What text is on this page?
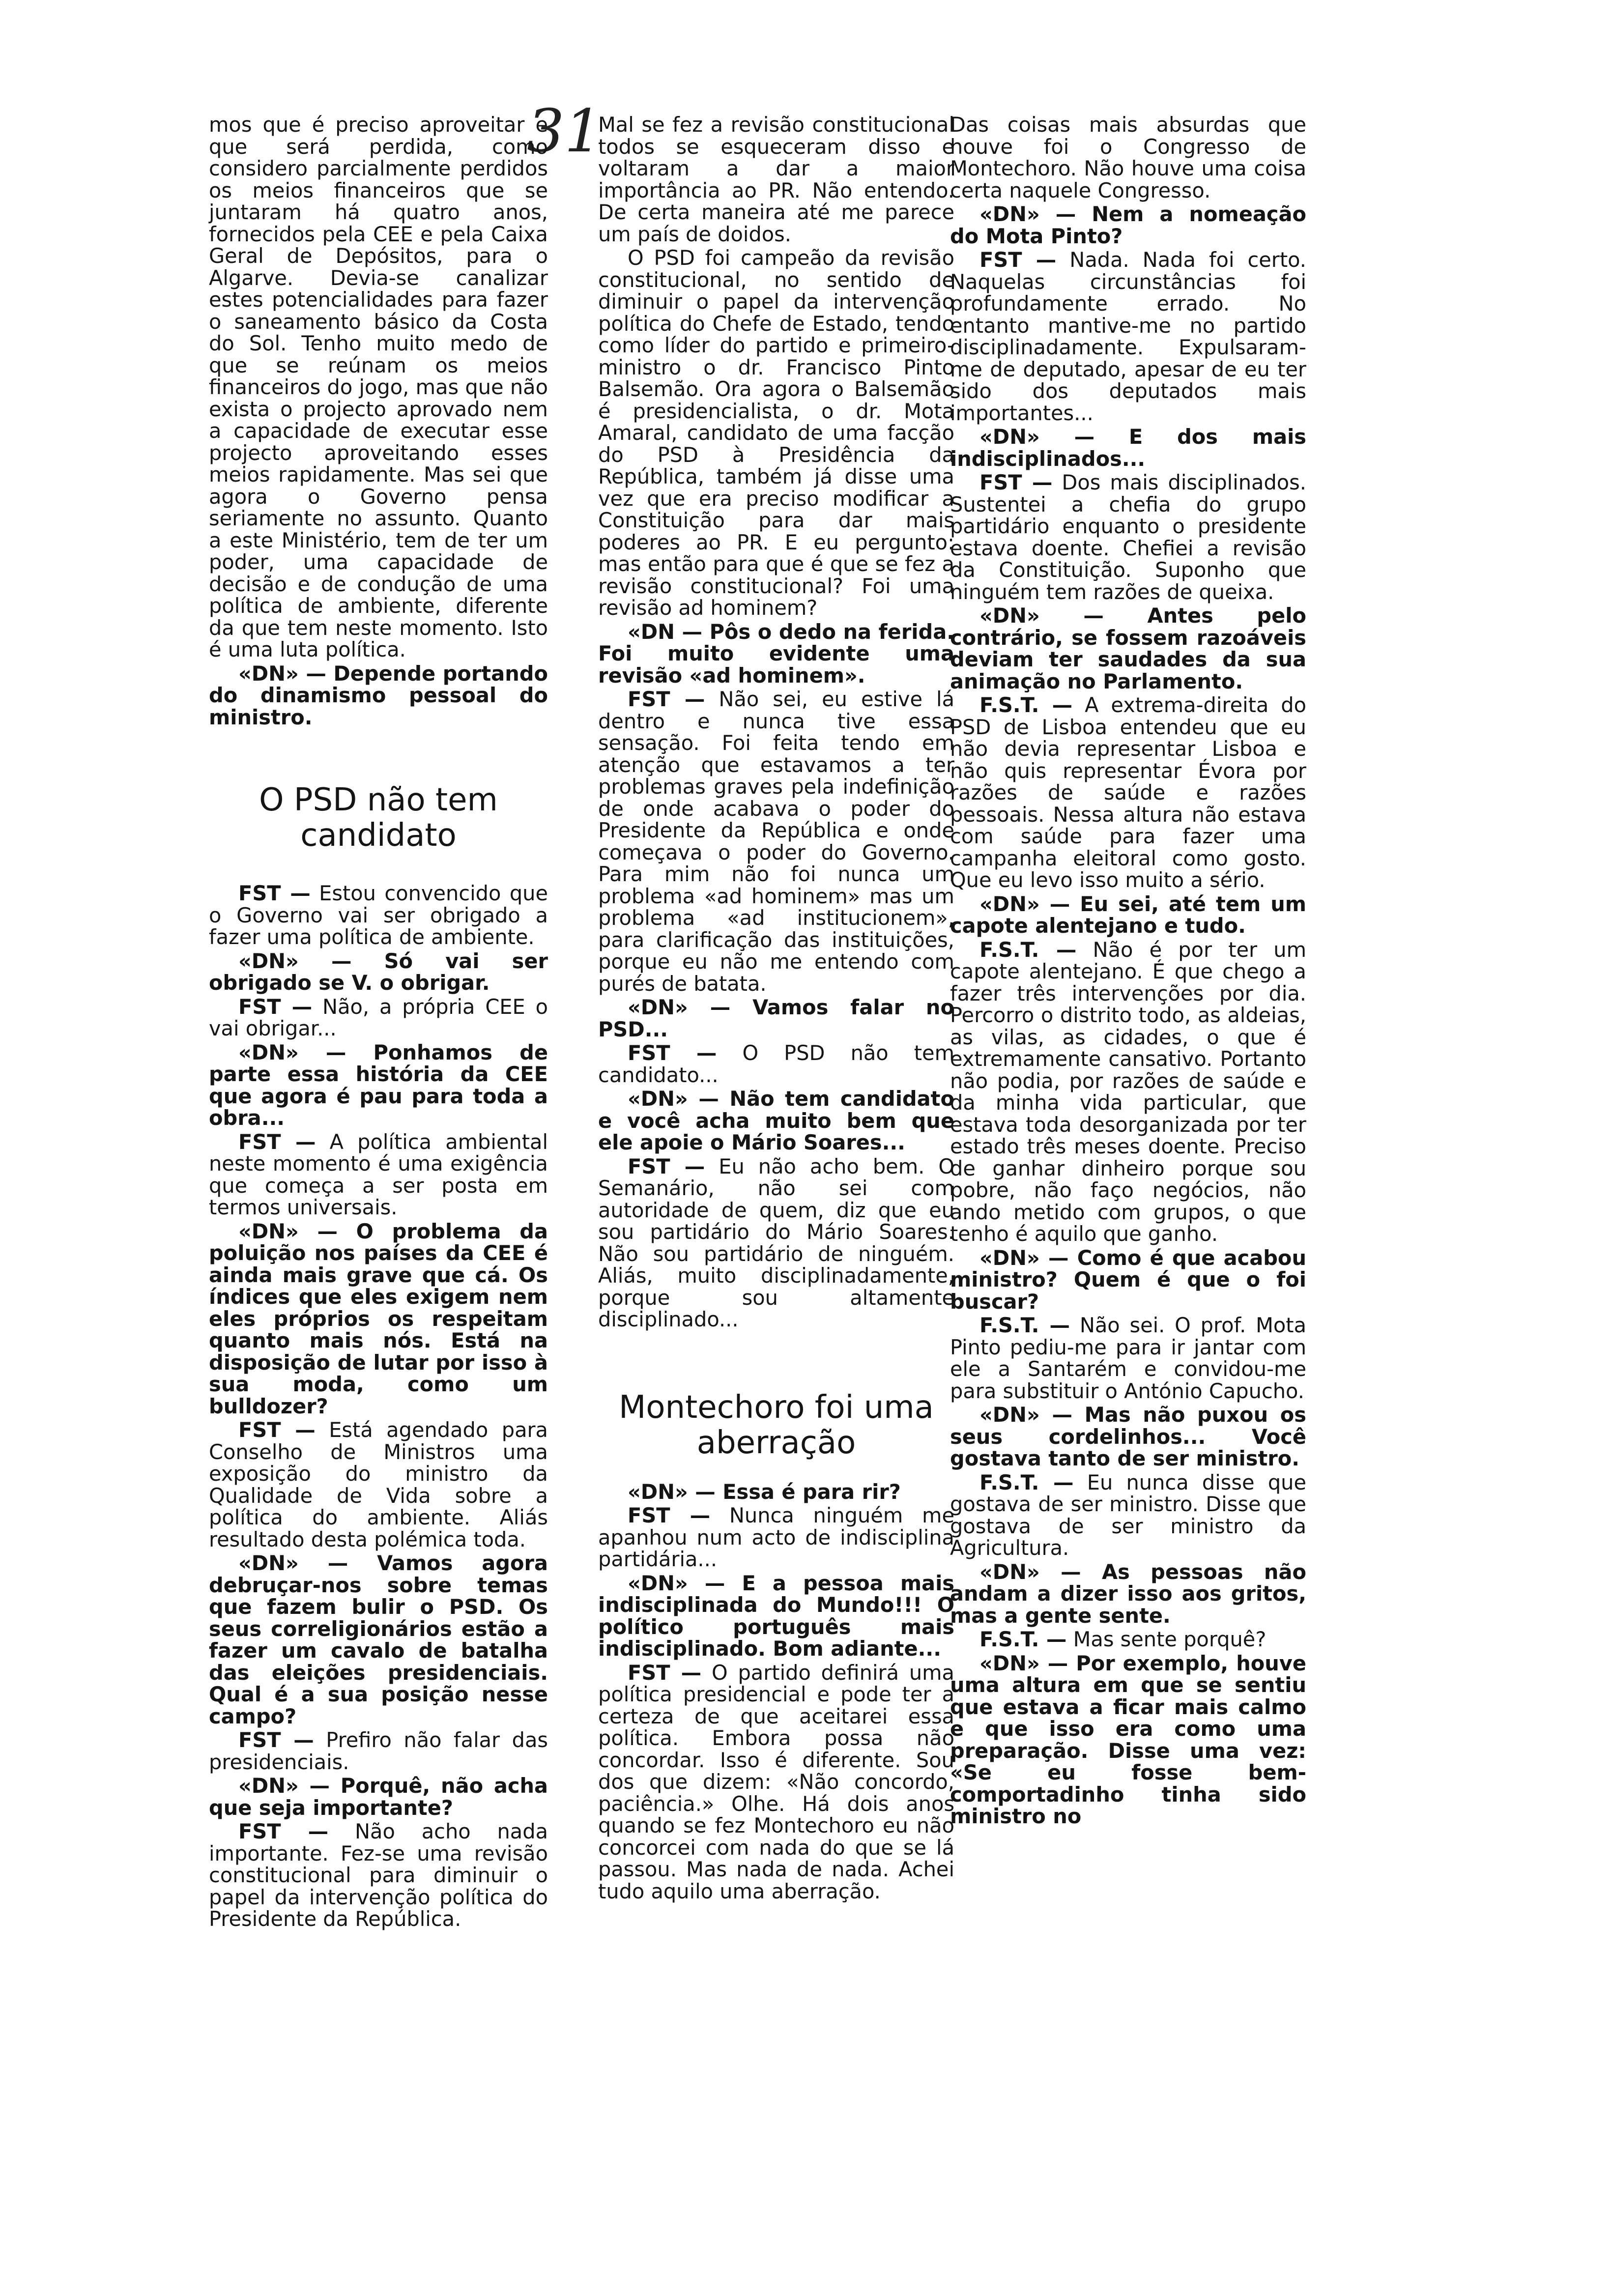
31

mos que é preciso aproveitar e que será perdida, como considero parcialmente perdidos os meios financeiros que se juntaram há quatro anos, fornecidos pela CEE e pela Caixa Geral de Depósitos, para o Algarve. Devia-se canalizar estes potencialidades para fazer o saneamento básico da Costa do Sol. Tenho muito medo de que se reúnam os meios financeiros do jogo, mas que não exista o projecto aprovado nem a capacidade de executar esse projecto aproveitando esses meios rapidamente. Mas sei que agora o Governo pensa seriamente no assunto. Quanto a este Ministério, tem de ter um poder, uma capacidade de decisão e de condução de uma política de ambiente, diferente da que tem neste momento. Isto é uma luta política.

«DN» — Depende portando do dinamismo pessoal do ministro.

O PSD não tem candidato

FST — Estou convencido que o Governo vai ser obrigado a fazer uma política de ambiente.

«DN» — Só vai ser obrigado se V. o obrigar.

FST — Não, a própria CEE o vai obrigar...

«DN» — Ponhamos de parte essa história da CEE que agora é pau para toda a obra...

FST — A política ambiental neste momento é uma exigência que começa a ser posta em termos universais.

«DN» — O problema da poluição nos países da CEE é ainda mais grave que cá. Os índices que eles exigem nem eles próprios os respeitam quanto mais nós. Está na disposição de lutar por isso à sua moda, como um bulldozer?

FST — Está agendado para Conselho de Ministros uma exposição do ministro da Qualidade de Vida sobre a política do ambiente. Aliás resultado desta polémica toda.

«DN» — Vamos agora debruçar-nos sobre temas que fazem bulir o PSD. Os seus correligionários estão a fazer um cavalo de batalha das eleições presidenciais. Qual é a sua posição nesse campo?

FST — Prefiro não falar das presidenciais.

«DN» — Porquê, não acha que seja importante?

FST — Não acho nada importante. Fez-se uma revisão constitucional para diminuir o papel da intervenção política do Presidente da República.

Mal se fez a revisão constitucional todos se esqueceram disso e voltaram a dar a maior importância ao PR. Não entendo. De certa maneira até me parece um país de doidos.

O PSD foi campeão da revisão constitucional, no sentido de diminuir o papel da intervenção política do Chefe de Estado, tendo como líder do partido e primeiro-ministro o dr. Francisco Pinto Balsemão. Ora agora o Balsemão é presidencialista, o dr. Mota Amaral, candidato de uma facção do PSD à Presidência da República, também já disse uma vez que era preciso modificar a Constituição para dar mais poderes ao PR. E eu pergunto: mas então para que é que se fez a revisão constitucional? Foi uma revisão ad hominem?

«DN — Pôs o dedo na ferida. Foi muito evidente uma revisão «ad hominem».

FST — Não sei, eu estive lá dentro e nunca tive essa sensação. Foi feita tendo em atenção que estavamos a ter problemas graves pela indefinição de onde acabava o poder do Presidente da República e onde começava o poder do Governo. Para mim não foi nunca um problema «ad hominem» mas um problema «ad institucionem», para clarificação das instituições, porque eu não me entendo com purés de batata.

«DN» — Vamos falar no PSD...

FST — O PSD não tem candidato...

«DN» — Não tem candidato e você acha muito bem que ele apoie o Mário Soares...

FST — Eu não acho bem. O Semanário, não sei com autoridade de quem, diz que eu sou partidário do Mário Soares. Não sou partidário de ninguém. Aliás, muito disciplinadamente, porque sou altamente disciplinado...

Montechoro foi uma aberração

«DN» — Essa é para rir?

FST — Nunca ninguém me apanhou num acto de indisciplina partidária...

«DN» — E a pessoa mais indisciplinada do Mundo!!! O político português mais indisciplinado. Bom adiante...

FST — O partido definirá uma política presidencial e pode ter a certeza de que aceitarei essa política. Embora possa não concordar. Isso é diferente. Sou dos que dizem: «Não concordo, paciência.» Olhe. Há dois anos quando se fez Montechoro eu não concorcei com nada do que se lá passou. Mas nada de nada. Achei tudo aquilo uma aberração.

Das coisas mais absurdas que houve foi o Congresso de Montechoro. Não houve uma coisa certa naquele Congresso.

«DN» — Nem a nomeação do Mota Pinto?

FST — Nada. Nada foi certo. Naquelas circunstâncias foi profundamente errado. No entanto mantive-me no partido disciplinadamente. Expulsaram-me de deputado, apesar de eu ter sido dos deputados mais importantes...

«DN» — E dos mais indisciplinados...

FST — Dos mais disciplinados. Sustentei a chefia do grupo partidário enquanto o presidente estava doente. Chefiei a revisão da Constituição. Suponho que ninguém tem razões de queixa.

«DN» — Antes pelo contrário, se fossem razoáveis deviam ter saudades da sua animação no Parlamento.

F.S.T. — A extrema-direita do PSD de Lisboa entendeu que eu não devia representar Lisboa e não quis representar Évora por razões de saúde e razões pessoais. Nessa altura não estava com saúde para fazer uma campanha eleitoral como gosto. Que eu levo isso muito a sério.

«DN» — Eu sei, até tem um capote alentejano e tudo.

F.S.T. — Não é por ter um capote alentejano. É que chego a fazer três intervenções por dia. Percorro o distrito todo, as aldeias, as vilas, as cidades, o que é extremamente cansativo. Portanto não podia, por razões de saúde e da minha vida particular, que estava toda desorganizada por ter estado três meses doente. Preciso de ganhar dinheiro porque sou pobre, não faço negócios, não ando metido com grupos, o que tenho é aquilo que ganho.

«DN» — Como é que acabou ministro? Quem é que o foi buscar?

F.S.T. — Não sei. O prof. Mota Pinto pediu-me para ir jantar com ele a Santarém e convidou-me para substituir o António Capucho.

«DN» — Mas não puxou os seus cordelinhos... Você gostava tanto de ser ministro.

F.S.T. — Eu nunca disse que gostava de ser ministro. Disse que gostava de ser ministro da Agricultura.

«DN» — As pessoas não andam a dizer isso aos gritos, mas a gente sente.

F.S.T. — Mas sente porquê?

«DN» — Por exemplo, houve uma altura em que se sentiu que estava a ficar mais calmo e que isso era como uma preparação. Disse uma vez: «Se eu fosse bem-comportadinho tinha sido ministro no
